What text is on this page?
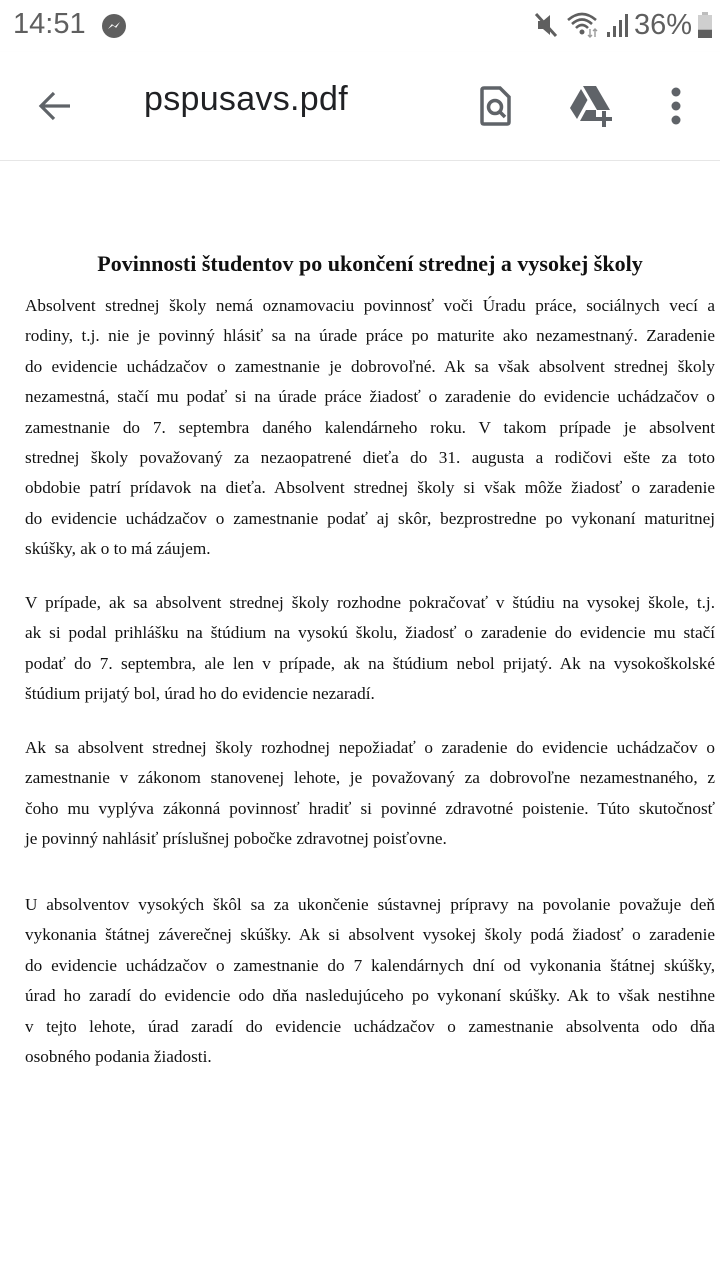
14:51	36%
pspusavs.pdf
Povinnosti študentov po ukončení strednej a vysokej školy
Absolvent strednej školy nemá oznamovaciu povinnosť voči Úradu práce, sociálnych vecí a
rodiny, t.j. nie je povinný hlásiť sa na úrade práce po maturite ako nezamestnaný. Zaradenie
do evidencie uchádzačov o zamestnanie je dobrovoľné. Ak sa však absolvent strednej školy
nezamestná, stačí mu podať si na úrade práce žiadosť o zaradenie do evidencie uchádzačov o
zamestnanie do 7. septembra daného kalendárneho roku. V takom prípade je absolvent
strednej školy považovaný za nezaopatrené dieťa do 31. augusta a rodičovi ešte za toto
obdobie patrí prídavok na dieťa. Absolvent strednej školy si však môže žiadosť o zaradenie
do evidencie uchádzačov o zamestnanie podať aj skôr, bezprostredne po vykonaní maturitnej
skúšky, ak o to má záujem.
V prípade, ak sa absolvent strednej školy rozhodne pokračovať v štúdiu na vysokej škole, t.j.
ak si podal prihlášku na štúdium na vysokú školu, žiadosť o zaradenie do evidencie mu stačí
podať do 7. septembra, ale len v prípade, ak na štúdium nebol prijatý. Ak na vysokoškolské
štúdium prijatý bol, úrad ho do evidencie nezaradí.
Ak sa absolvent strednej školy rozhodnej nepožiadať o zaradenie do evidencie uchádzačov o
zamestnanie v zákonom stanovenej lehote, je považovaný za dobrovoľne nezamestnaného, z
čoho mu vyplýva zákonná povinnosť hradiť si povinné zdravotné poistenie. Túto skutočnosť
je povinný nahlásiť príslušnej pobočke zdravotnej poisťovne.
U absolventov vysokých škôl sa za ukončenie sústavnej prípravy na povolanie považuje deň
vykonania štátnej záverečnej skúšky. Ak si absolvent vysokej školy podá žiadosť o zaradenie
do evidencie uchádzačov o zamestnanie do 7 kalendárnych dní od vykonania štátnej skúšky,
úrad ho zaradí do evidencie odo dňa nasledujúceho po vykonaní skúšky. Ak to však nestihne
v tejto lehote, úrad zaradí do evidencie uchádzačov o zamestnanie absolventa odo dňa
osobného podania žiadosti.
